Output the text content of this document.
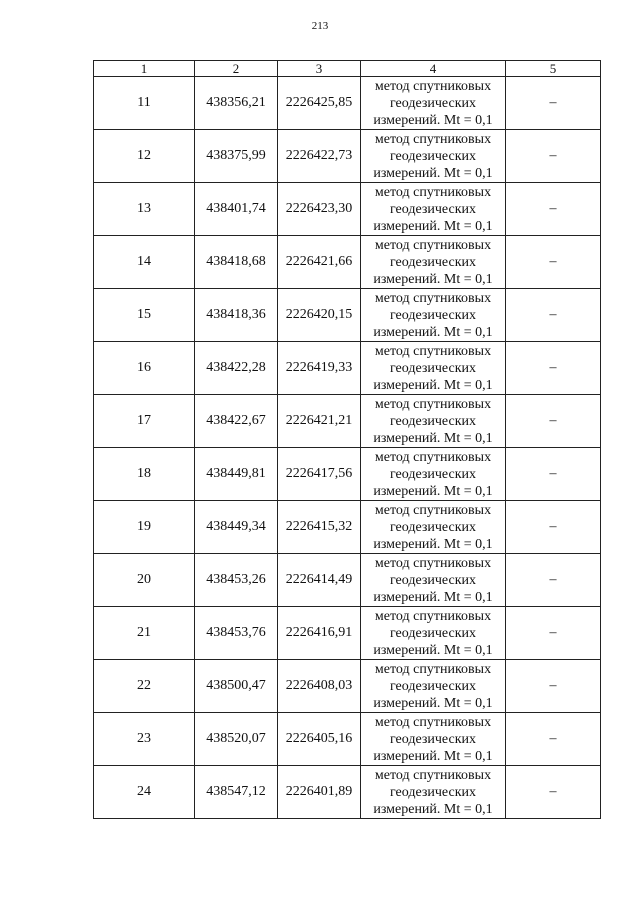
213
1	2	3	4	5
11	438356,21	2226425,85	метод спутниковых
геодезических
измерений. Mt = 0,1	–
12	438375,99	2226422,73	метод спутниковых
геодезических
измерений. Mt = 0,1	–
13	438401,74	2226423,30	метод спутниковых
геодезических
измерений. Mt = 0,1	–
14	438418,68	2226421,66	метод спутниковых
геодезических
измерений. Mt = 0,1	–
15	438418,36	2226420,15	метод спутниковых
геодезических
измерений. Mt = 0,1	–
16	438422,28	2226419,33	метод спутниковых
геодезических
измерений. Mt = 0,1	–
17	438422,67	2226421,21	метод спутниковых
геодезических
измерений. Mt = 0,1	–
18	438449,81	2226417,56	метод спутниковых
геодезических
измерений. Mt = 0,1	–
19	438449,34	2226415,32	метод спутниковых
геодезических
измерений. Mt = 0,1	–
20	438453,26	2226414,49	метод спутниковых
геодезических
измерений. Mt = 0,1	–
21	438453,76	2226416,91	метод спутниковых
геодезических
измерений. Mt = 0,1	–
22	438500,47	2226408,03	метод спутниковых
геодезических
измерений. Mt = 0,1	–
23	438520,07	2226405,16	метод спутниковых
геодезических
измерений. Mt = 0,1	–
24	438547,12	2226401,89	метод спутниковых
геодезических
измерений. Mt = 0,1	–
